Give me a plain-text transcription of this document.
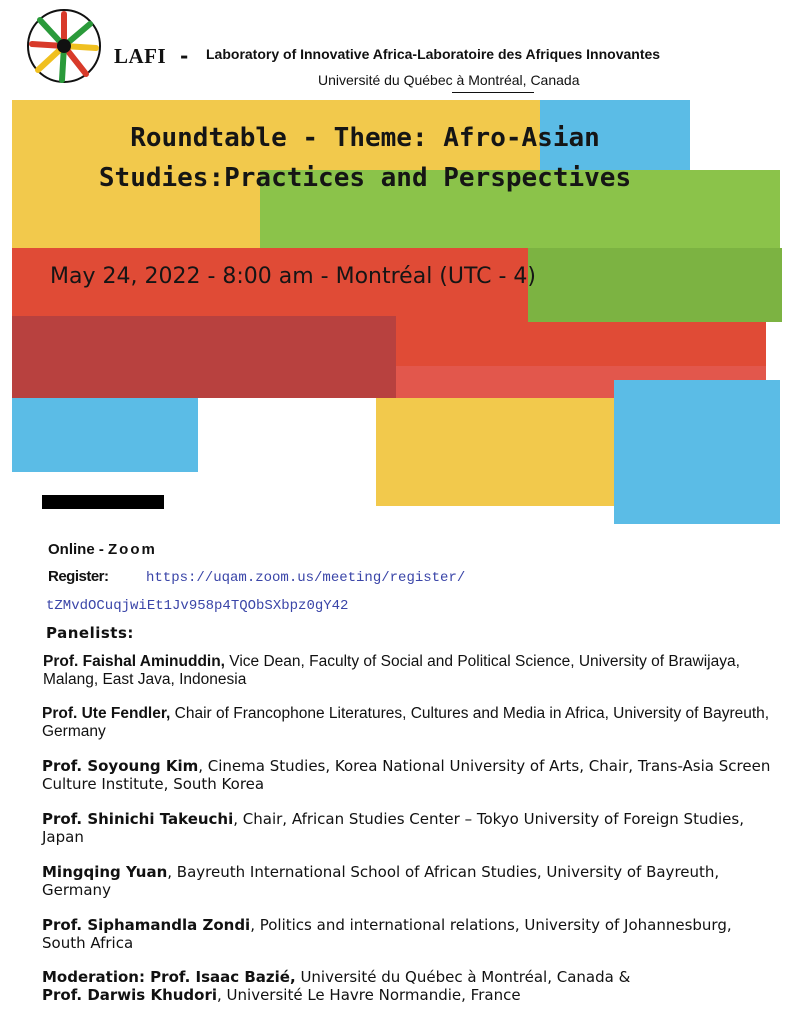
LAFI - Laboratory of Innovative Africa-Laboratoire des Afriques Innovantes
Université du Québec à Montréal, Canada
Roundtable - Theme: Afro-Asian Studies:Practices and Perspectives
May 24, 2022 - 8:00 am - Montréal (UTC - 4)
Online - Zoom
Register:	https://uqam.zoom.us/meeting/register/
tZMvdOCuqjwiEt1Jv958p4TQObSXbpz0gY42
Panelists:
Prof. Faishal Aminuddin, Vice Dean, Faculty of Social and Political Science, University of Brawijaya, Malang, East Java, Indonesia
Prof. Ute Fendler, Chair of Francophone Literatures, Cultures and Media in Africa, University of Bayreuth, Germany
Prof. Soyoung Kim, Cinema Studies, Korea National University of Arts, Chair, Trans-Asia Screen Culture Institute, South Korea
Prof. Shinichi Takeuchi, Chair, African Studies Center – Tokyo University of Foreign Studies, Japan
Mingqing Yuan, Bayreuth International School of African Studies, University of Bayreuth, Germany
Prof. Siphamandla Zondi, Politics and international relations, University of Johannesburg, South Africa
Moderation: Prof. Isaac Bazié, Université du Québec à Montréal, Canada &
Prof. Darwis Khudori, Université Le Havre Normandie, France
